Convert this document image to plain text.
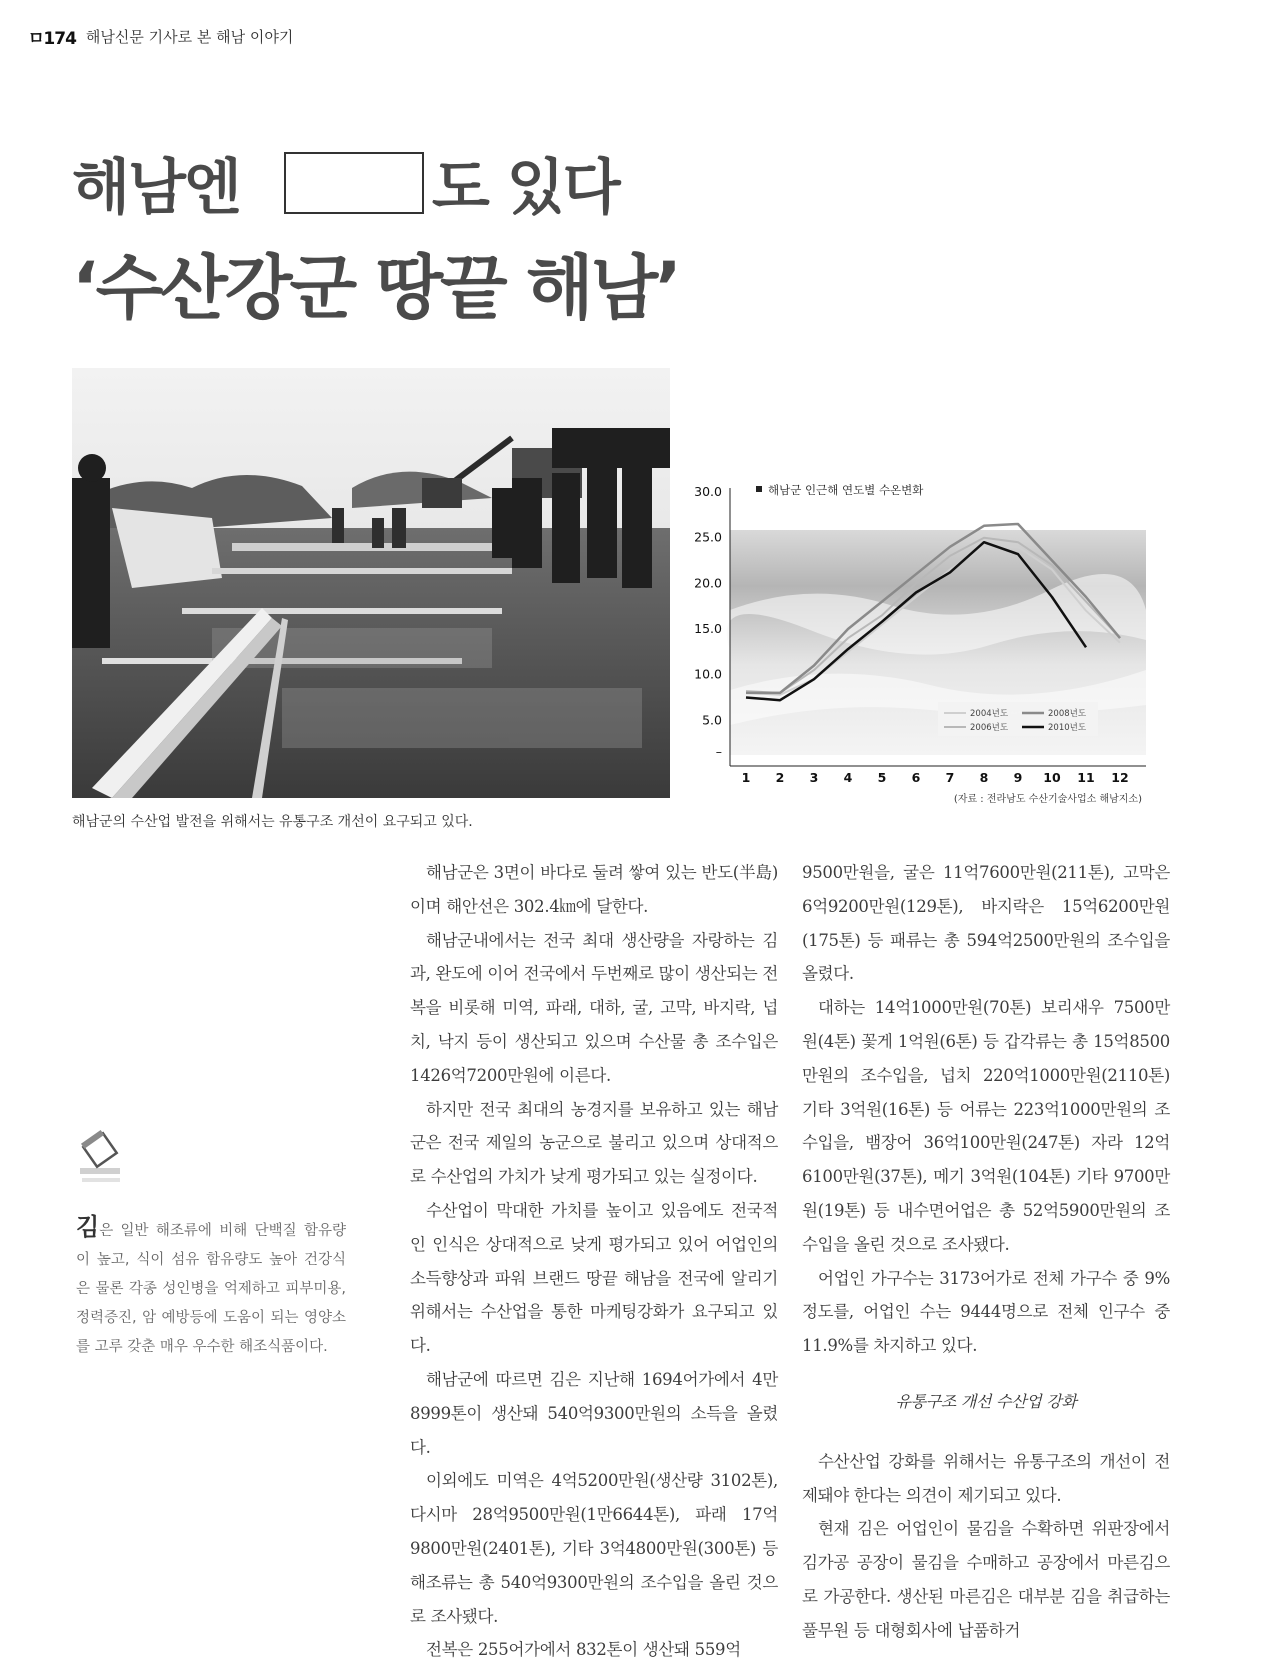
ㅁ174 해남신문 기사로 본 해남 이야기
해남엔	도 있다
‘수산강군 땅끝 해남’
해남군의 수산업 발전을 위해서는 유통구조 개선이 요구되고 있다.
30.0
25.0
20.0
15.0
10.0
5.0
–
1 2 3 4 5 6 7 8 9 10 11 12
해남군 인근해 연도별 수온변화
2004년도	2008년도
2006년도	2010년도
(자료 : 전라남도 수산기술사업소 해남지소)
김은 일반 해조류에 비해 단백질 함유량이 높고, 식이 섬유 함유량도 높아 건강식은 물론 각종 성인병을 억제하고 피부미용, 정력증진, 암 예방등에 도움이 되는 영양소를 고루 갖춘 매우 우수한 해조식품이다.

해남군은 3면이 바다로 둘려 쌓여 있는 반도(半島)이며 해안선은 302.4㎞에 달한다.

해남군내에서는 전국 최대 생산량을 자랑하는 김과, 완도에 이어 전국에서 두번째로 많이 생산되는 전복을 비롯해 미역, 파래, 대하, 굴, 고막, 바지락, 넙치, 낙지 등이 생산되고 있으며 수산물 총 조수입은 1426억7200만원에 이른다.

하지만 전국 최대의 농경지를 보유하고 있는 해남군은 전국 제일의 농군으로 불리고 있으며 상대적으로 수산업의 가치가 낮게 평가되고 있는 실정이다.

수산업이 막대한 가치를 높이고 있음에도 전국적인 인식은 상대적으로 낮게 평가되고 있어 어업인의 소득향상과 파워 브랜드 땅끝 해남을 전국에 알리기 위해서는 수산업을 통한 마케팅강화가 요구되고 있다.

해남군에 따르면 김은 지난해 1694어가에서 4만8999톤이 생산돼 540억9300만원의 소득을 올렸다.

이외에도 미역은 4억5200만원(생산량 3102톤), 다시마 28억9500만원(1만6644톤), 파래 17억9800만원(2401톤), 기타 3억4800만원(300톤) 등 해조류는 총 540억9300만원의 조수입을 올린 것으로 조사됐다.

전복은 255어가에서 832톤이 생산돼 559억

9500만원을, 굴은 11억7600만원(211톤), 고막은 6억9200만원(129톤), 바지락은 15억6200만원(175톤) 등 패류는 총 594억2500만원의 조수입을 올렸다.

대하는 14억1000만원(70톤) 보리새우 7500만원(4톤) 꽃게 1억원(6톤) 등 갑각류는 총 15억8500만원의 조수입을, 넙치 220억1000만원(2110톤) 기타 3억원(16톤) 등 어류는 223억1000만원의 조수입을, 뱀장어 36억100만원(247톤) 자라 12억6100만원(37톤), 메기 3억원(104톤) 기타 9700만원(19톤) 등 내수면어업은 총 52억5900만원의 조수입을 올린 것으로 조사됐다.

어업인 가구수는 3173어가로 전체 가구수 중 9% 정도를, 어업인 수는 9444명으로 전체 인구수 중 11.9%를 차지하고 있다.

유통구조 개선 수산업 강화

수산산업 강화를 위해서는 유통구조의 개선이 전제돼야 한다는 의견이 제기되고 있다.

현재 김은 어업인이 물김을 수확하면 위판장에서 김가공 공장이 물김을 수매하고 공장에서 마른김으로 가공한다. 생산된 마른김은 대부분 김을 취급하는 풀무원 등 대형회사에 납품하거
